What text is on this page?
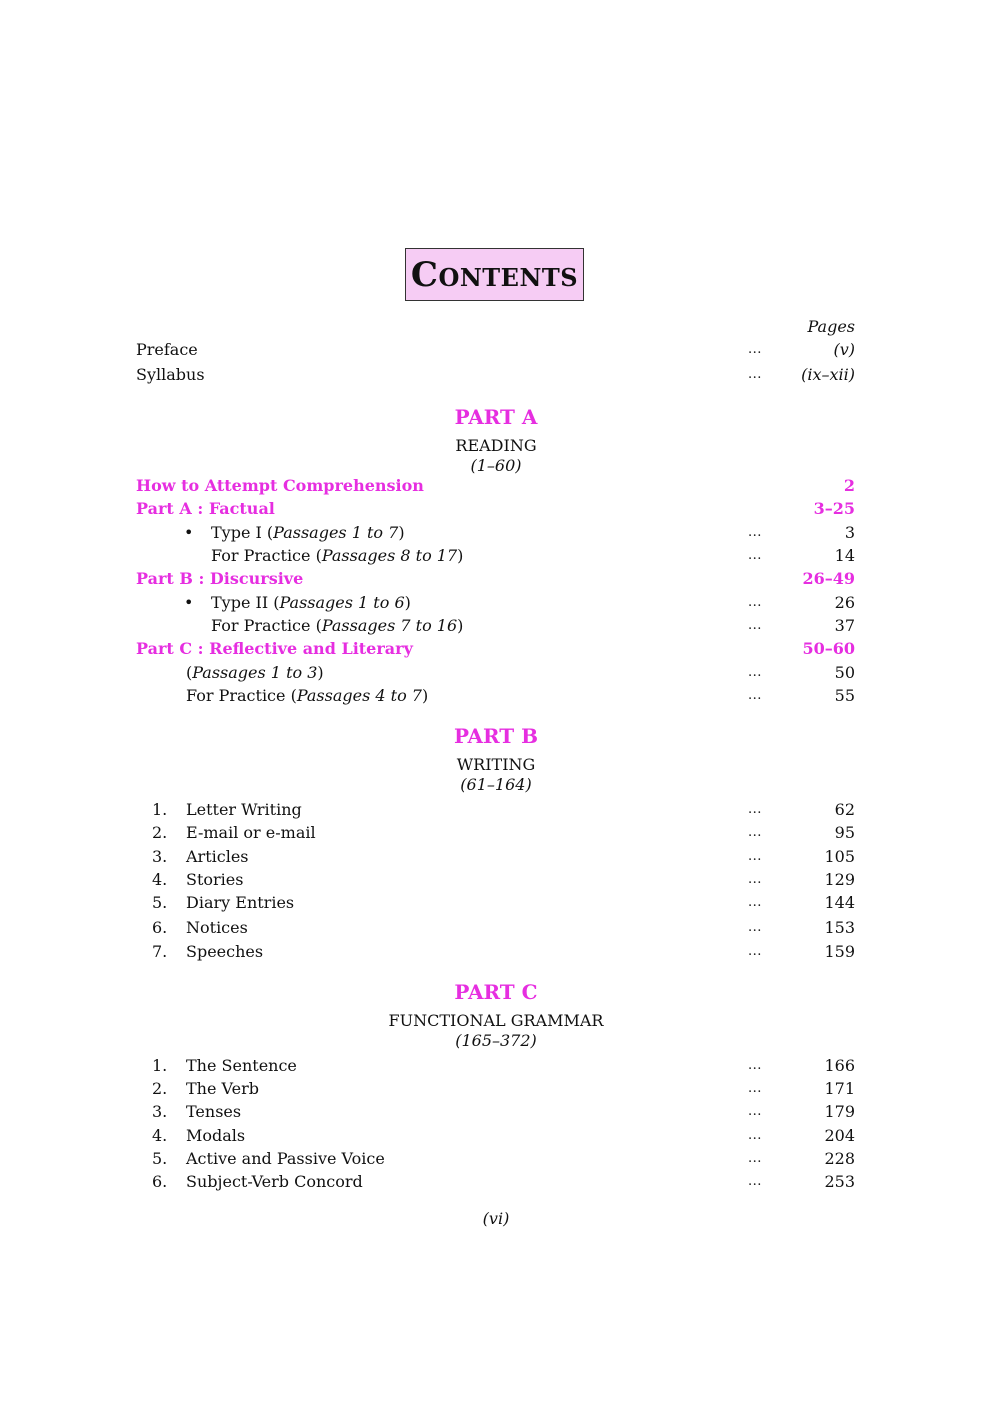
Contents
Pages
Preface	...	(v)
Syllabus	... (ix–xii)
PART A
READING
(1–60)
How to Attempt Comprehension	2
Part A : Factual	3–25
• Type I (Passages 1 to 7)	...	3
For Practice (Passages 8 to 17)	...	14
Part B : Discursive	26–49
• Type II (Passages 1 to 6)	...	26
For Practice (Passages 7 to 16)	...	37
Part C : Reflective and Literary	50–60
(Passages 1 to 3)	...	50
For Practice (Passages 4 to 7)	...	55
PART B
WRITING
(61–164)
1. Letter Writing	...	62
2. E-mail or e-mail	...	95
3. Articles	...	105
4. Stories	...	129
5. Diary Entries	...	144
6. Notices	...	153
7. Speeches	...	159
PART C
FUNCTIONAL GRAMMAR
(165–372)
1. The Sentence	...	166
2. The Verb	...	171
3. Tenses	...	179
4. Modals	...	204
5. Active and Passive Voice	...	228
6. Subject-Verb Concord	...	253
(vi)
